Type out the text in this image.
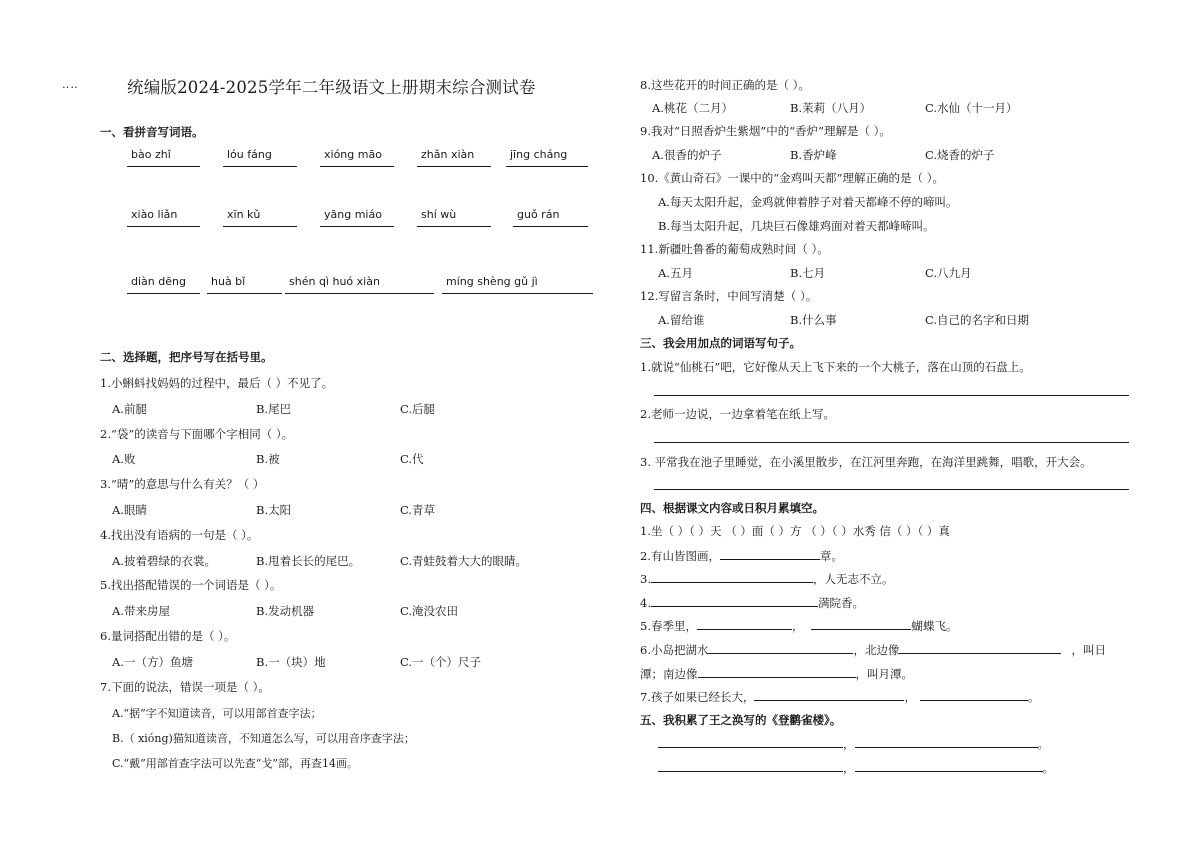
‥‥	统编版2024-2025学年二年级语文上册期末综合测试卷
一、看拼音写词语。
bào zhǐ	lóu fáng	xióng māo	zhǎn xiàn	jīng cháng
xiào liǎn	xīn kǔ	yāng miáo	shí wù	guǒ rán
diàn dēng	huà bǐ	shén qì huó xiàn	míng shèng gǔ jì
二、选择题，把序号写在括号里。
1.小蝌蚪找妈妈的过程中，最后（ ）不见了。
A.前腿	B.尾巴	C.后腿
2.“袋”的读音与下面哪个字相同（ ）。
A.败	B.被	C.代
3.“晴”的意思与什么有关？（ ）
A.眼睛	B.太阳	C.青草
4.找出没有语病的一句是（ ）。
A.披着碧绿的衣裳。	B.甩着长长的尾巴。	C.青蛙鼓着大大的眼睛。
5.找出搭配错误的一个词语是（ ）。
A.带来房屋	B.发动机器	C.淹没农田
6.量词搭配出错的是（ ）。
A.一（方）鱼塘	B.一（块）地	C.一（个）尺子
7.下面的说法，错误一项是（ ）。
A.“据”字不知道读音，可以用部首查字法；
B.（ xióng)猫知道读音，不知道怎么写，可以用音序查字法；
C.“戴”用部首查字法可以先查“戈”部，再查14画。
8.这些花开的时间正确的是（ ）。
A.桃花（二月）	B.茉莉（八月）	C.水仙（十一月）
9.我对“日照香炉生紫烟”中的“香炉”理解是（ ）。
A.很香的炉子	B.香炉峰	C.烧香的炉子
10.《黄山奇石》一课中的“金鸡叫天都”理解正确的是（ ）。
A.每天太阳升起，金鸡就伸着脖子对着天都峰不停的啼叫。
B.每当太阳升起，几块巨石像雄鸡面对着天都峰啼叫。
11.新疆吐鲁番的葡萄成熟时间（ ）。
A.五月	B.七月	C.八九月
12.写留言条时，中间写清楚（ ）。
A.留给谁	B.什么事	C.自己的名字和日期
三、我会用加点的词语写句子。
1.就说“仙桃石”吧，它好像从天上飞下来的一个大桃子，落在山顶的石盘上。
2.老师一边说，一边拿着笔在纸上写。
3. 平常我在池子里睡觉，在小溪里散步，在江河里奔跑，在海洋里跳舞，唱歌，开大会。
四、根据课文内容或日积月累填空。
1.坐（ ）（ ）天 （ ）面（ ）方 （ ）（ ）水秀 信（ ）（ ）真
2.有山皆图画，	章。
3.	，人无志不立。
4.	满院香。
5.春季里，	，	蝴蝶飞。
6.小岛把湖水	，北边像	，叫日
潭；南边像	，叫月潭。
7.孩子如果已经长大，	，	。
五、我积累了王之涣写的《登鹳雀楼》。
，	。
，	。
